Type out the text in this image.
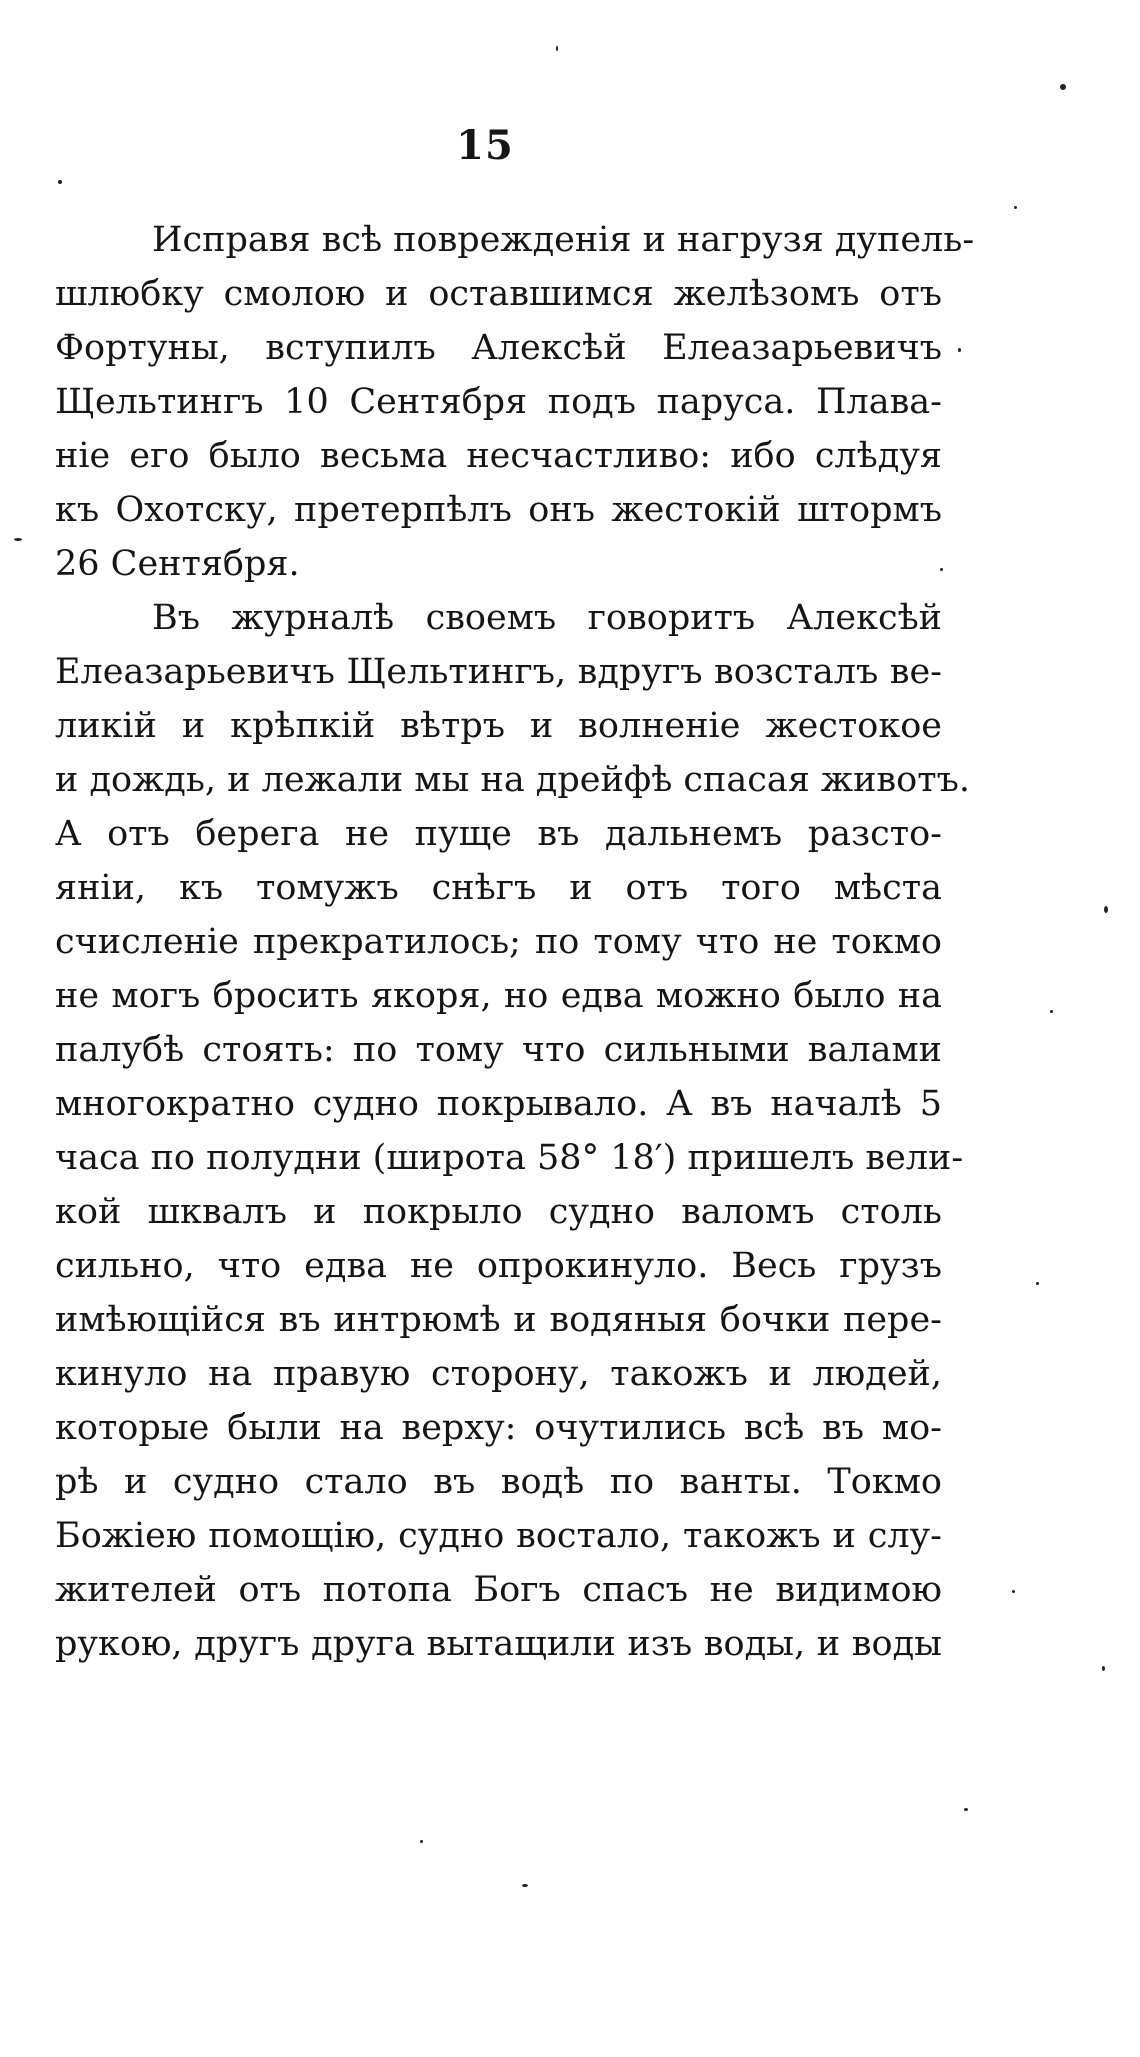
15
Исправя всѣ поврежденія и нагрузя дупель-
шлюбку смолою и оставшимся желѣзомъ отъ
Фортуны, вступилъ Алексѣй Елеазарьевичъ
Щельтингъ 10 Сентября подъ паруса. Плава-
ніе его было весьма несчастливо: ибо слѣдуя
къ Охотску, претерпѣлъ онъ жестокій штормъ
26 Сентября.
Въ журналѣ своемъ говоритъ Алексѣй
Елеазарьевичъ Щельтингъ, вдругъ возсталъ ве-
ликій и крѣпкій вѣтръ и волненіе жестокое
и дождь, и лежали мы на дрейфѣ спасая животъ.
А отъ берега не пуще въ дальнемъ разсто-
яніи, къ томужъ снѣгъ и отъ того мѣста
счисленіе прекратилось; по тому что не токмо
не могъ бросить якоря, но едва можно было на
палубѣ стоять: по тому что сильными валами
многократно судно покрывало. А въ началѣ 5
часа по полудни (широта 58° 18′) пришелъ вели-
кой шквалъ и покрыло судно валомъ столь
сильно, что едва не опрокинуло. Весь грузъ
имѣющійся въ интрюмѣ и водяныя бочки пере-
кинуло на правую сторону, такожъ и людей,
которые были на верху: очутились всѣ въ мо-
рѣ и судно стало въ водѣ по ванты. Токмо
Божіею помощію, судно востало, такожъ и слу-
жителей отъ потопа Богъ спасъ не видимою
рукою, другъ друга вытащили изъ воды, и воды
